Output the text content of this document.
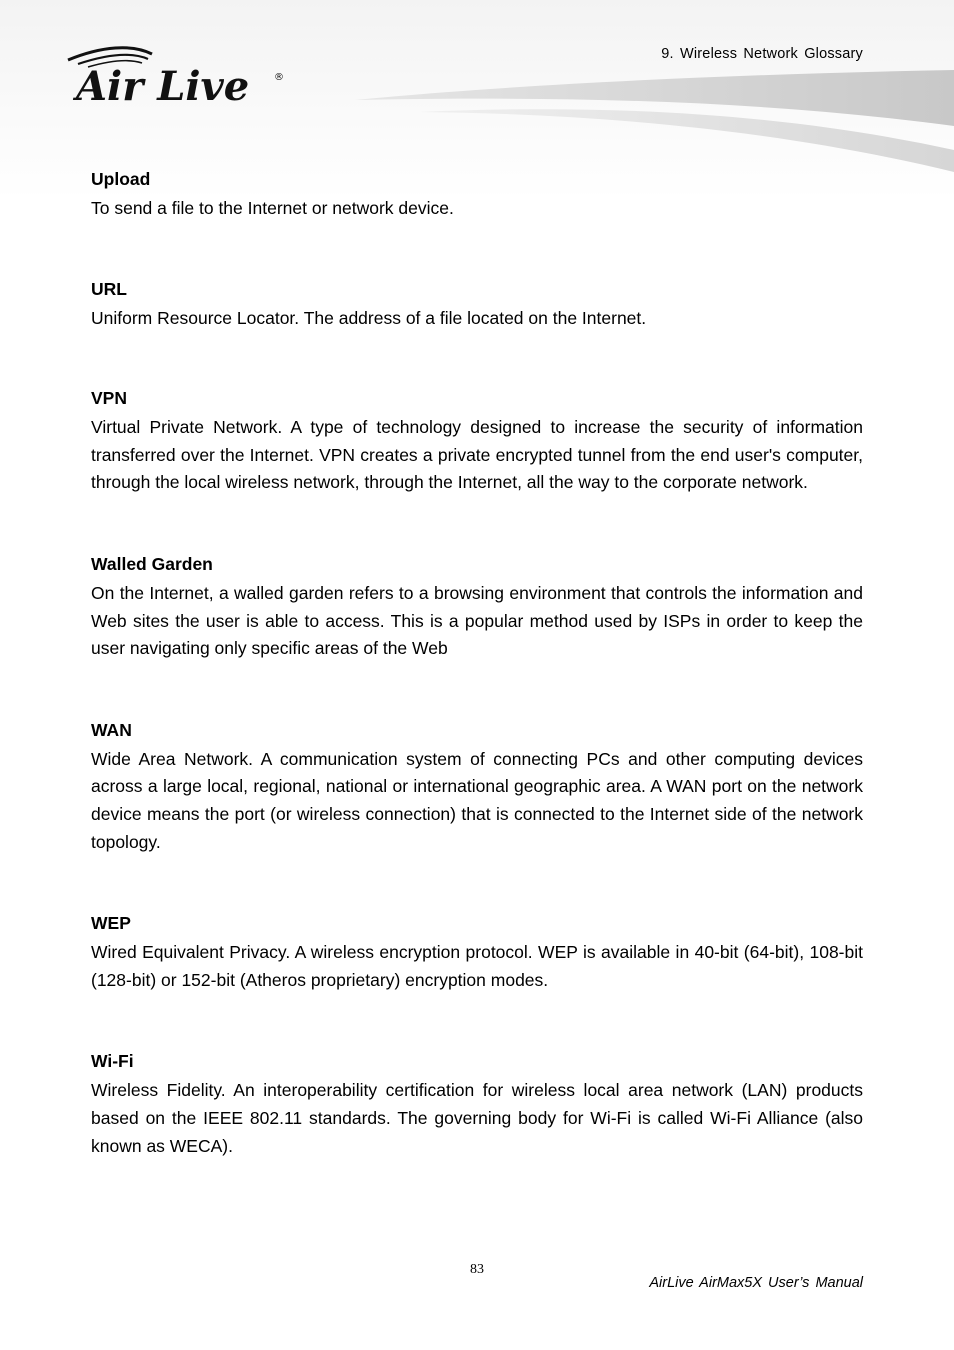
Air Live ®
9. Wireless Network Glossary

Upload

To send a file to the Internet or network device.

URL

Uniform Resource Locator. The address of a file located on the Internet.

VPN

Virtual Private Network. A type of technology designed to increase the security of information transferred over the Internet. VPN creates a private encrypted tunnel from the end user's computer, through the local wireless network, through the Internet, all the way to the corporate network.

Walled Garden

On the Internet, a walled garden refers to a browsing environment that controls the information and Web sites the user is able to access. This is a popular method used by ISPs in order to keep the user navigating only specific areas of the Web

WAN

Wide Area Network. A communication system of connecting PCs and other computing devices across a large local, regional, national or international geographic area. A WAN port on the network device means the port (or wireless connection) that is connected to the Internet side of the network topology.

WEP

Wired Equivalent Privacy. A wireless encryption protocol. WEP is available in 40-bit (64-bit), 108-bit (128-bit) or 152-bit (Atheros proprietary) encryption modes.

Wi-Fi

Wireless Fidelity. An interoperability certification for wireless local area network (LAN) products based on the IEEE 802.11 standards. The governing body for Wi-Fi is called Wi-Fi Alliance (also known as WECA).

83
AirLive AirMax5X User’s Manual
